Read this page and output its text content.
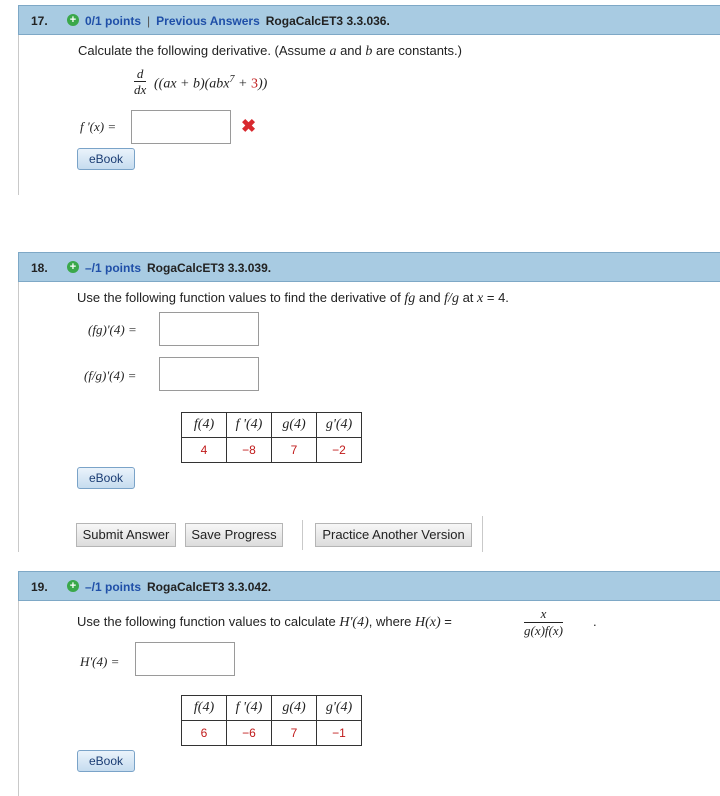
17. + 0/1 points | Previous Answers RogaCalcET3 3.3.036.
Calculate the following derivative. (Assume a and b are constants.)
$\frac{d}{dx} ((ax + b)(abx^7 + 3))$
f '(x) =	✖
eBook
18. + –/1 points RogaCalcET3 3.3.039.
Use the following function values to find the derivative of fg and f/g at x = 4.
(fg)'(4) =
(f/g)'(4) =
f(4)	f '(4)	g(4)	g'(4)
4	−8	7	−2
eBook
Submit Answer	Save Progress	Practice Another Version
19. + –/1 points RogaCalcET3 3.3.042.
Use the following function values to calculate H'(4), where H(x) =	$\frac{x}{g(x)f(x)}$ .
H'(4) =
f(4)	f '(4)	g(4)	g'(4)
6	−6	7	−1
eBook
